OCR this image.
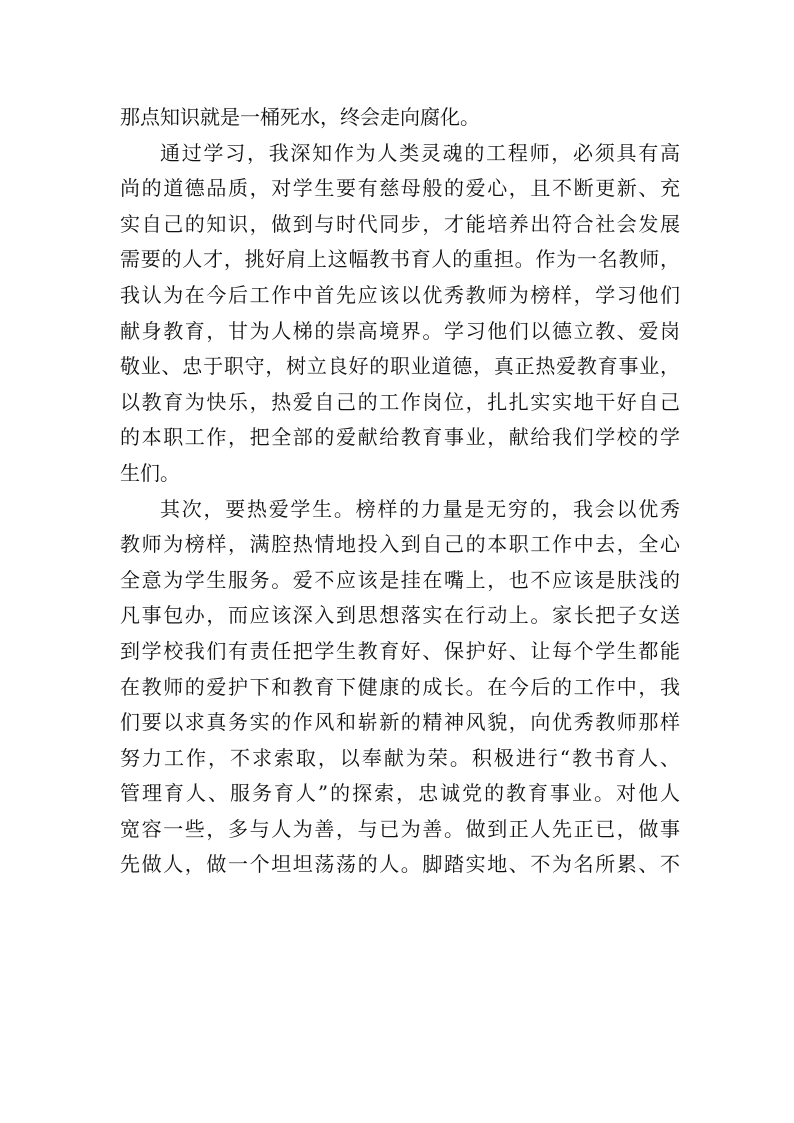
那点知识就是一桶死水，终会走向腐化。
通过学习，我深知作为人类灵魂的工程师，必须具有高
尚的道德品质，对学生要有慈母般的爱心，且不断更新、充
实自己的知识，做到与时代同步，才能培养出符合社会发展
需要的人才，挑好肩上这幅教书育人的重担。作为一名教师，
我认为在今后工作中首先应该以优秀教师为榜样，学习他们
献身教育，甘为人梯的崇高境界。学习他们以德立教、爱岗
敬业、忠于职守，树立良好的职业道德，真正热爱教育事业，
以教育为快乐，热爱自己的工作岗位，扎扎实实地干好自己
的本职工作，把全部的爱献给教育事业，献给我们学校的学
生们。
其次，要热爱学生。榜样的力量是无穷的，我会以优秀
教师为榜样，满腔热情地投入到自己的本职工作中去，全心
全意为学生服务。爱不应该是挂在嘴上，也不应该是肤浅的
凡事包办，而应该深入到思想落实在行动上。家长把子女送
到学校我们有责任把学生教育好、保护好、让每个学生都能
在教师的爱护下和教育下健康的成长。在今后的工作中，我
们要以求真务实的作风和崭新的精神风貌，向优秀教师那样
努力工作，不求索取，以奉献为荣。积极进行“教书育人、
管理育人、服务育人”的探索，忠诚党的教育事业。对他人
宽容一些，多与人为善，与已为善。做到正人先正已，做事
先做人，做一个坦坦荡荡的人。脚踏实地、不为名所累、不
